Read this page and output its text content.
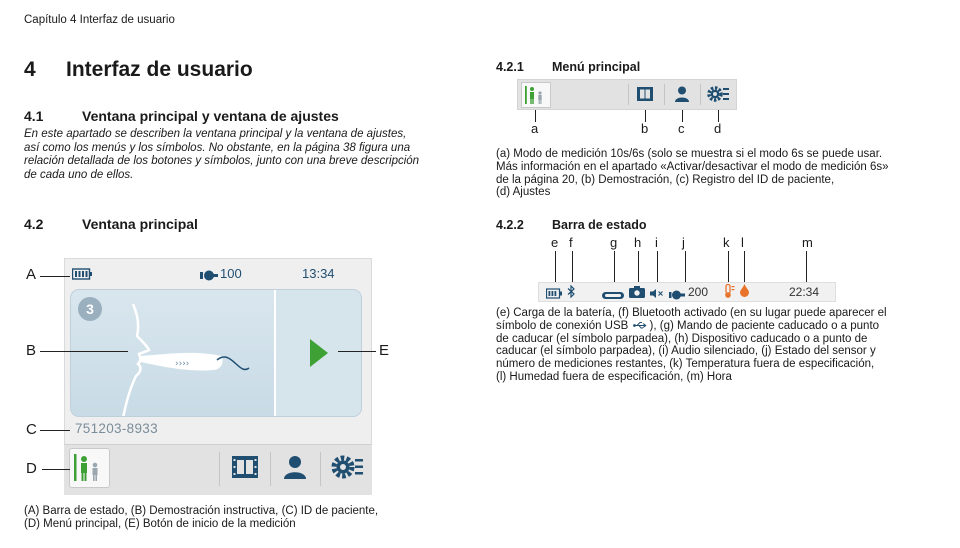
Capítulo 4 Interfaz de usuario
4 Interfaz de usuario
4.1	Ventana principal y ventana de ajustes
En este apartado se describen la ventana principal y la ventana de ajustes,
así como los menús y los símbolos. No obstante, en la página 38 figura una
relación detallada de los botones y símbolos, junto con una breve descripción
de cada uno de ellos.
4.2	Ventana principal
100	13:34
››››
3
751203-8933
A
B
C
D
E
(A) Barra de estado, (B) Demostración instructiva, (C) ID de paciente,
(D) Menú principal, (E) Botón de inicio de la medición
4.2.1 Menú principal
a	b c d
(a) Modo de medición 10s/6s (solo se muestra si el modo 6s se puede usar.
Más información en el apartado «Activar/desactivar el modo de medición 6s»
de la página 20, (b) Demostración, (c) Registro del ID de paciente,
(d) Ajustes
4.2.2 Barra de estado
e f	g h i j	k l	m
200	22:34
(e) Carga de la batería, (f) Bluetooth activado (en su lugar puede aparecer el
símbolo de conexión USB ), (g) Mando de paciente caducado o a punto
de caducar (el símbolo parpadea), (h) Dispositivo caducado o a punto de
caducar (el símbolo parpadea), (i) Audio silenciado, (j) Estado del sensor y
número de mediciones restantes, (k) Temperatura fuera de especificación,
(l) Humedad fuera de especificación, (m) Hora
